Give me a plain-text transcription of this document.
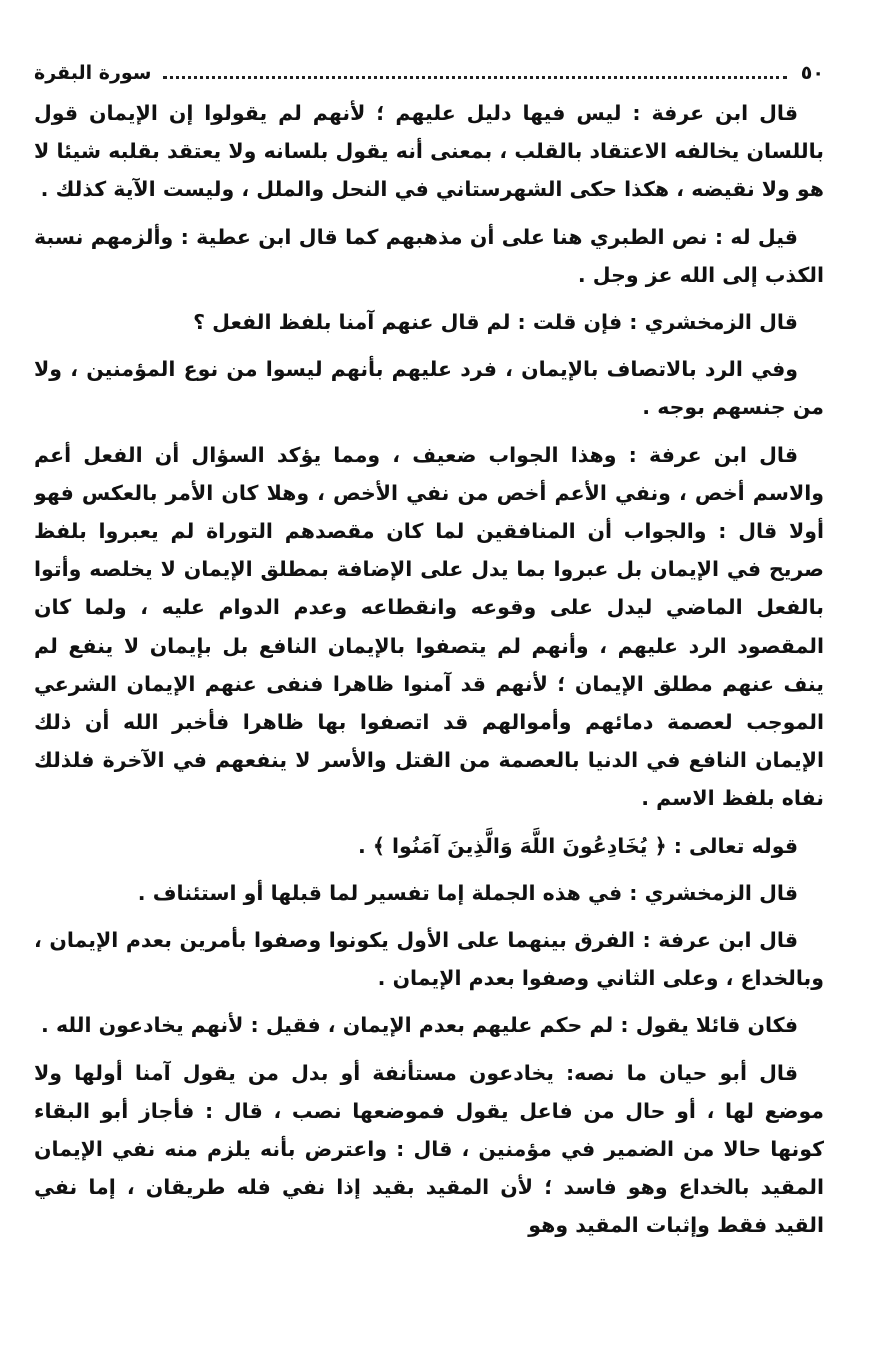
٥٠
سورة البقرة

قال ابن عرفة : ليس فيها دليل عليهم ؛ لأنهم لم يقولوا إن الإيمان قول باللسان يخالفه الاعتقاد بالقلب ، بمعنى أنه يقول بلسانه ولا يعتقد بقلبه شيئا لا هو ولا نقيضه ، هكذا حكى الشهرستاني في النحل والملل ، وليست الآية كذلك .

قيل له : نص الطبري هنا على أن مذهبهم كما قال ابن عطية : وألزمهم نسبة الكذب إلى الله عز وجل .

قال الزمخشري : فإن قلت : لم قال عنهم آمنا بلفظ الفعل ؟

وفي الرد بالاتصاف بالإيمان ، فرد عليهم بأنهم ليسوا من نوع المؤمنين ، ولا من جنسهم بوجه .

قال ابن عرفة : وهذا الجواب ضعيف ، ومما يؤكد السؤال أن الفعل أعم والاسم أخص ، ونفي الأعم أخص من نفي الأخص ، وهلا كان الأمر بالعكس فهو أولا قال : والجواب أن المنافقين لما كان مقصدهم التوراة لم يعبروا بلفظ صريح في الإيمان بل عبروا بما يدل على الإضافة بمطلق الإيمان لا يخلصه وأتوا بالفعل الماضي ليدل على وقوعه وانقطاعه وعدم الدوام عليه ، ولما كان المقصود الرد عليهم ، وأنهم لم يتصفوا بالإيمان النافع بل بإيمان لا ينفع لم ينف عنهم مطلق الإيمان ؛ لأنهم قد آمنوا ظاهرا فنفى عنهم الإيمان الشرعي الموجب لعصمة دمائهم وأموالهم قد اتصفوا بها ظاهرا فأخبر الله أن ذلك الإيمان النافع في الدنيا بالعصمة من القتل والأسر لا ينفعهم في الآخرة فلذلك نفاه بلفظ الاسم .

قوله تعالى : ﴿ يُخَادِعُونَ اللَّهَ وَالَّذِينَ آمَنُوا ﴾ .

قال الزمخشري : في هذه الجملة إما تفسير لما قبلها أو استئناف .

قال ابن عرفة : الفرق بينهما على الأول يكونوا وصفوا بأمرين بعدم الإيمان ، وبالخداع ، وعلى الثاني وصفوا بعدم الإيمان .

فكان قائلا يقول : لم حكم عليهم بعدم الإيمان ، فقيل : لأنهم يخادعون الله .

قال أبو حيان ما نصه: يخادعون مستأنفة أو بدل من يقول آمنا أولها ولا موضع لها ، أو حال من فاعل يقول فموضعها نصب ، قال : فأجاز أبو البقاء كونها حالا من الضمير في مؤمنين ، قال : واعترض بأنه يلزم منه نفي الإيمان المقيد بالخداع وهو فاسد ؛ لأن المقيد بقيد إذا نفي فله طريقان ، إما نفي القيد فقط وإثبات المقيد وهو
